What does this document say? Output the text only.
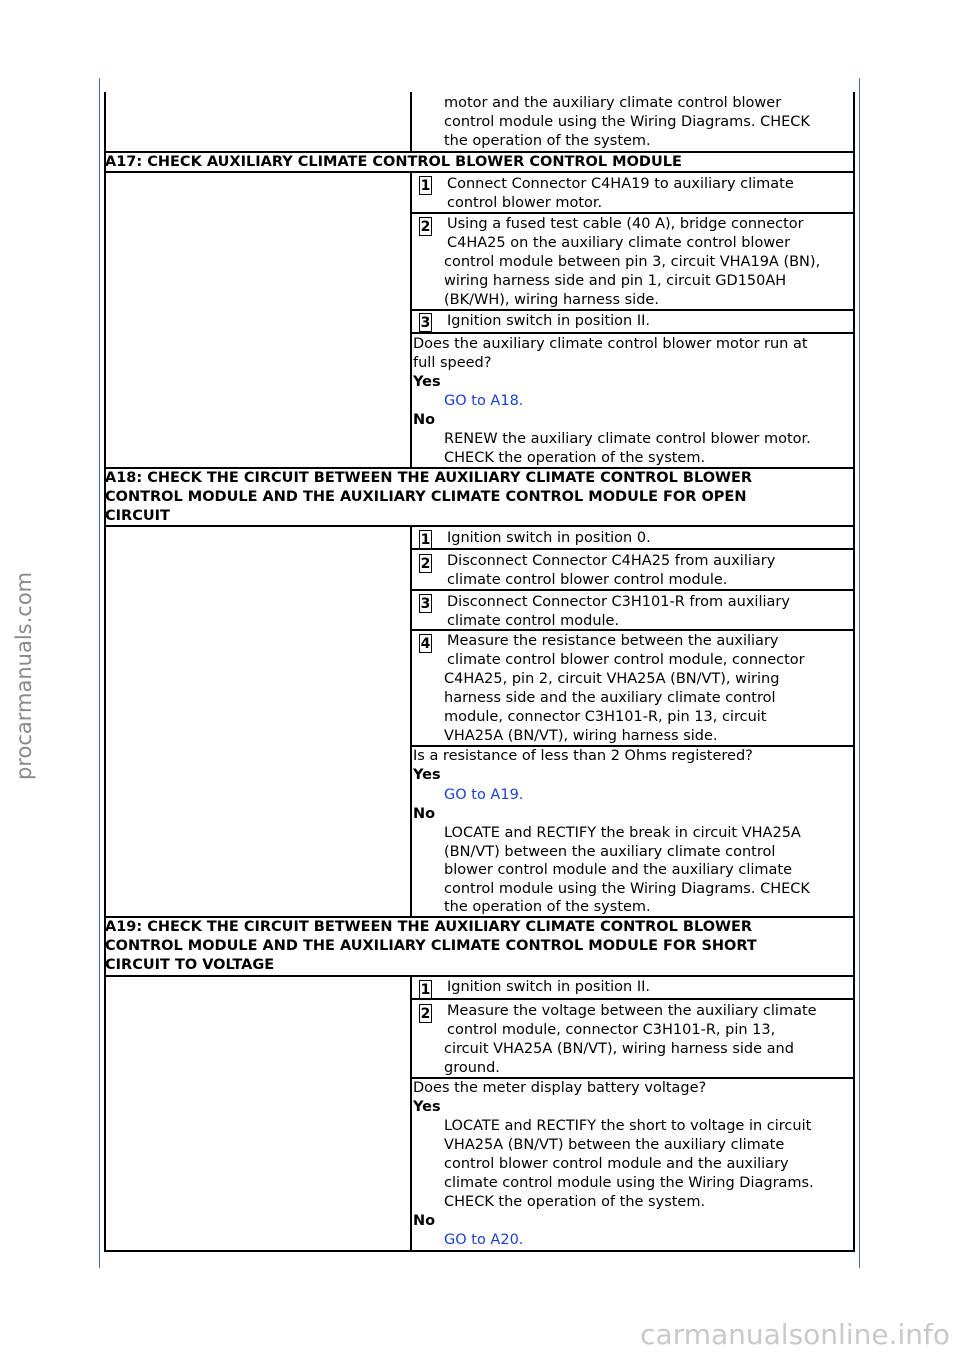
motor and the auxiliary climate control blower
control module using the Wiring Diagrams. CHECK
the operation of the system.
A17: CHECK AUXILIARY CLIMATE CONTROL BLOWER CONTROL MODULE
1 Connect Connector C4HA19 to auxiliary climate
control blower motor.
2 Using a fused test cable (40 A), bridge connector
C4HA25 on the auxiliary climate control blower
control module between pin 3, circuit VHA19A (BN),
wiring harness side and pin 1, circuit GD150AH
(BK/WH), wiring harness side.
3 Ignition switch in position II.
Does the auxiliary climate control blower motor run at
full speed?
Yes
GO to A18.
No
RENEW the auxiliary climate control blower motor.
CHECK the operation of the system.
A18: CHECK THE CIRCUIT BETWEEN THE AUXILIARY CLIMATE CONTROL BLOWER
CONTROL MODULE AND THE AUXILIARY CLIMATE CONTROL MODULE FOR OPEN
CIRCUIT
1 Ignition switch in position 0.
2 Disconnect Connector C4HA25 from auxiliary
climate control blower control module.
3 Disconnect Connector C3H101-R from auxiliary
climate control module.
4 Measure the resistance between the auxiliary
climate control blower control module, connector
C4HA25, pin 2, circuit VHA25A (BN/VT), wiring
harness side and the auxiliary climate control
module, connector C3H101-R, pin 13, circuit
VHA25A (BN/VT), wiring harness side.
Is a resistance of less than 2 Ohms registered?
Yes
GO to A19.
No
LOCATE and RECTIFY the break in circuit VHA25A
(BN/VT) between the auxiliary climate control
blower control module and the auxiliary climate
control module using the Wiring Diagrams. CHECK
the operation of the system.
A19: CHECK THE CIRCUIT BETWEEN THE AUXILIARY CLIMATE CONTROL BLOWER
CONTROL MODULE AND THE AUXILIARY CLIMATE CONTROL MODULE FOR SHORT
CIRCUIT TO VOLTAGE
1 Ignition switch in position II.
2 Measure the voltage between the auxiliary climate
control module, connector C3H101-R, pin 13,
circuit VHA25A (BN/VT), wiring harness side and
ground.
Does the meter display battery voltage?
Yes
LOCATE and RECTIFY the short to voltage in circuit
VHA25A (BN/VT) between the auxiliary climate
control blower control module and the auxiliary
climate control module using the Wiring Diagrams.
CHECK the operation of the system.
No
GO to A20.
procarmanuals.com
carmanualsonline.info
